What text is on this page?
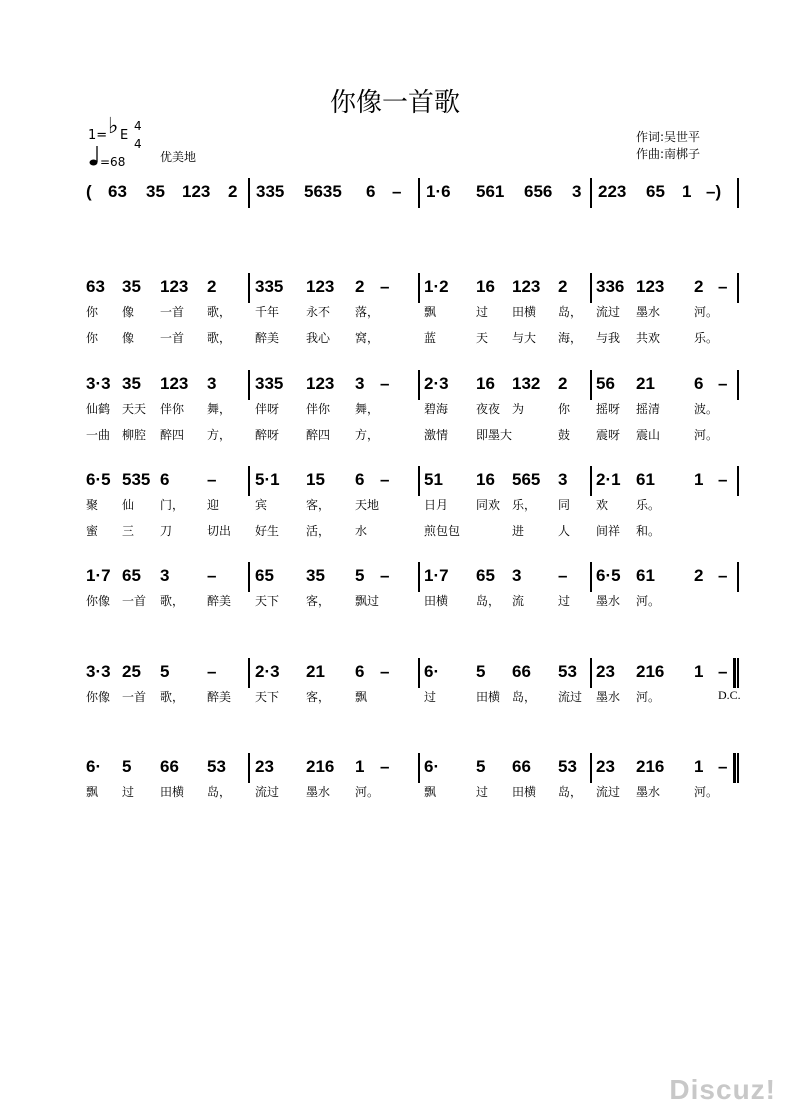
你像一首歌
1= ♭ E
4
4
=68	优美地
作词:吴世平
作曲:南梆子
( 63 35 123 2 335 5635 6 – 1·6 561 656 3 223 65 1 –)
63 35 123 2 335 123 2 – 1·2 16 123 2 336 123 2 –
你 像 一首 歌， 千年 永不 落，	飘	过 田横 岛， 流过 墨水	河。
你 像 一首 歌， 醉美 我心 窝，	蓝	天 与大 海， 与我 共欢	乐。
3·3 35 123 3 335 123 3 – 2·3 16 132 2 56 21 6 –
仙鹤 天天 伴你 舞， 伴呀 伴你 舞，	碧海 夜夜 为	你 摇呀 摇清	波。
一曲 柳腔 醉四 方， 醉呀 醉四 方，	激情 即墨大	鼓 震呀 震山	河。
6·5 535 6 – 5·1 15 6 – 51 16 565 3 2·1 61 1 –
聚 仙 门， 迎	宾	客， 天地	日月 同欢 乐， 同 欢 乐。
蜜 三 刀	切出 好生 活， 水	煎包包	进	人 间祥 和。
1·7 65 3 – 65 35 5 – 1·7 65 3 – 6·5 61 2 –
你像 一首 歌， 醉美 天下 客， 飘过	田横 岛， 流	过 墨水 河。
3·3 25 5 – 2·3 21 6 – 6· 5 66 53 23 216 1 –
你像 一首 歌， 醉美 天下 客， 飘	过	田横 岛， 流过 墨水 河。	D.C.
6· 5 66 53 23 216 1 – 6· 5 66 53 23 216 1 –
飘 过 田横 岛， 流过 墨水 河。	飘	过 田横 岛， 流过 墨水	河。
Discuz!
